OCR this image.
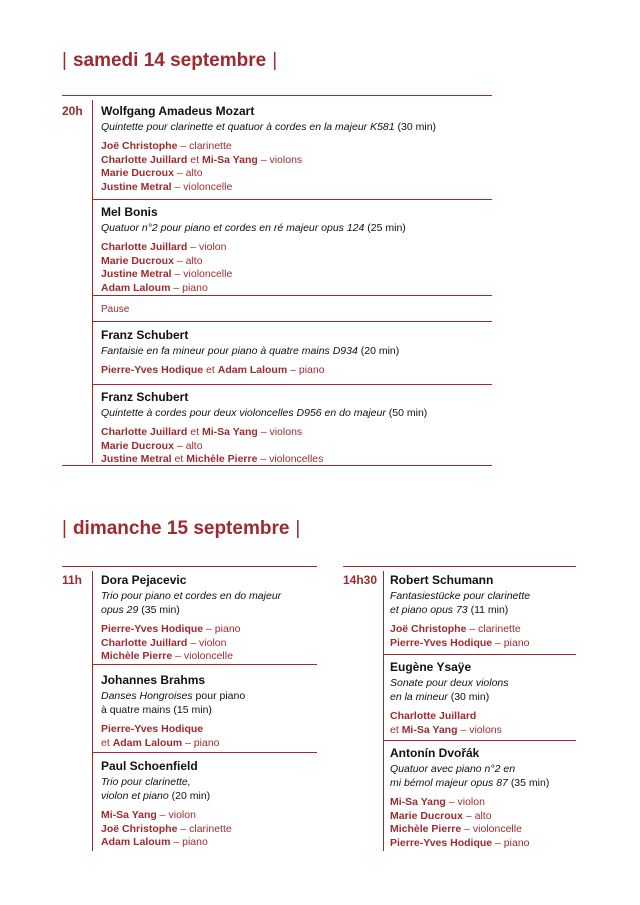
| samedi 14 septembre |
20h Wolfgang Amadeus Mozart
Quintette pour clarinette et quatuor à cordes en la majeur K581 (30 min)
Joë Christophe – clarinette
Charlotte Juillard et Mi-Sa Yang – violons
Marie Ducroux – alto
Justine Metral – violoncelle
Mel Bonis
Quatuor n°2 pour piano et cordes en ré majeur opus 124 (25 min)
Charlotte Juillard – violon
Marie Ducroux – alto
Justine Metral – violoncelle
Adam Laloum – piano
Pause
Franz Schubert
Fantaisie en fa mineur pour piano à quatre mains D934 (20 min)
Pierre-Yves Hodique et Adam Laloum – piano
Franz Schubert
Quintette à cordes pour deux violoncelles D956 en do majeur (50 min)
Charlotte Juillard et Mi-Sa Yang – violons
Marie Ducroux – alto
Justine Metral et Michèle Pierre – violoncelles
| dimanche 15 septembre |
11h Dora Pejacevic
Trio pour piano et cordes en do majeur
opus 29 (35 min)
Pierre-Yves Hodique – piano
Charlotte Juillard – violon
Michèle Pierre – violoncelle
Johannes Brahms
Danses Hongroises pour piano
à quatre mains (15 min)
Pierre-Yves Hodique
et Adam Laloum – piano
Paul Schoenfield
Trio pour clarinette,
violon et piano (20 min)
Mi-Sa Yang – violon
Joë Christophe – clarinette
Adam Laloum – piano
14h30 Robert Schumann
Fantasiestücke pour clarinette
et piano opus 73 (11 min)
Joë Christophe – clarinette
Pierre-Yves Hodique – piano
Eugène Ysaÿe
Sonate pour deux violons
en la mineur (30 min)
Charlotte Juillard
et Mi-Sa Yang – violons
Antonín Dvořák
Quatuor avec piano n°2 en
mi bémol majeur opus 87 (35 min)
Mi-Sa Yang – violon
Marie Ducroux – alto
Michèle Pierre – violoncelle
Pierre-Yves Hodique – piano
